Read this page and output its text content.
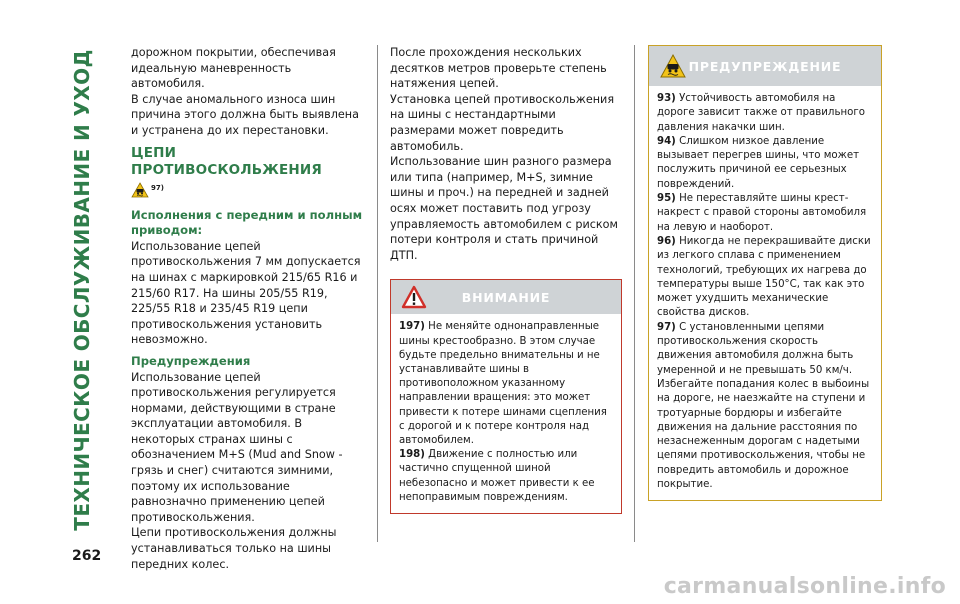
ТЕХНИЧЕСКОЕ ОБСЛУЖИВАНИЕ И УХОД
262

дорожном покрытии, обеспечивая идеальную маневренность автомобиля.

В случае аномального износа шин причина этого должна быть выявлена и устранена до их перестановки.

ЦЕПИ ПРОТИВОСКОЛЬЖЕНИЯ
97)
Исполнения с передним и полным приводом:

Использование цепей противоскольжения 7 мм допускается на шинах с маркировкой 215/65 R16 и 215/60 R17. На шины 205/55 R19, 225/55 R18 и 235/45 R19 цепи противоскольжения установить невозможно.

Предупреждения

Использование цепей противоскольжения регулируется нормами, действующими в стране эксплуатации автомобиля. В некоторых странах шины с обозначением M+S (Mud and Snow - грязь и снег) считаются зимними, поэтому их использование равнозначно применению цепей противоскольжения.

Цепи противоскольжения должны устанавливаться только на шины передних колес.

После прохождения нескольких десятков метров проверьте степень натяжения цепей.

Установка цепей противоскольжения на шины с нестандартными размерами может повредить автомобиль.

Использование шин разного размера или типа (например, M+S, зимние шины и проч.) на передней и задней осях может поставить под угрозу управляемость автомобилем с риском потери контроля и стать причиной ДТП.

ВНИМАНИЕ

197) Не меняйте однонаправленные шины крестообразно. В этом случае будьте предельно внимательны и не устанавливайте шины в противоположном указанному направлении вращения: это может привести к потере шинами сцепления с дорогой и к потере контроля над автомобилем.

198) Движение с полностью или частично спущенной шиной небезопасно и может привести к ее непоправимым повреждениям.

ПРЕДУПРЕЖДЕНИЕ

93) Устойчивость автомобиля на дороге зависит также от правильного давления накачки шин.

94) Слишком низкое давление вызывает перегрев шины, что может послужить причиной ее серьезных повреждений.

95) Не переставляйте шины крест-накрест с правой стороны автомобиля на левую и наоборот.

96) Никогда не перекрашивайте диски из легкого сплава с применением технологий, требующих их нагрева до температуры выше 150°С, так как это может ухудшить механические свойства дисков.

97) С установленными цепями противоскольжения скорость движения автомобиля должна быть умеренной и не превышать 50 км/ч. Избегайте попадания колес в выбоины на дороге, не наезжайте на ступени и тротуарные бордюры и избегайте движения на дальние расстояния по незаснеженным дорогам с надетыми цепями противоскольжения, чтобы не повредить автомобиль и дорожное покрытие.

carmanualsonline.info
